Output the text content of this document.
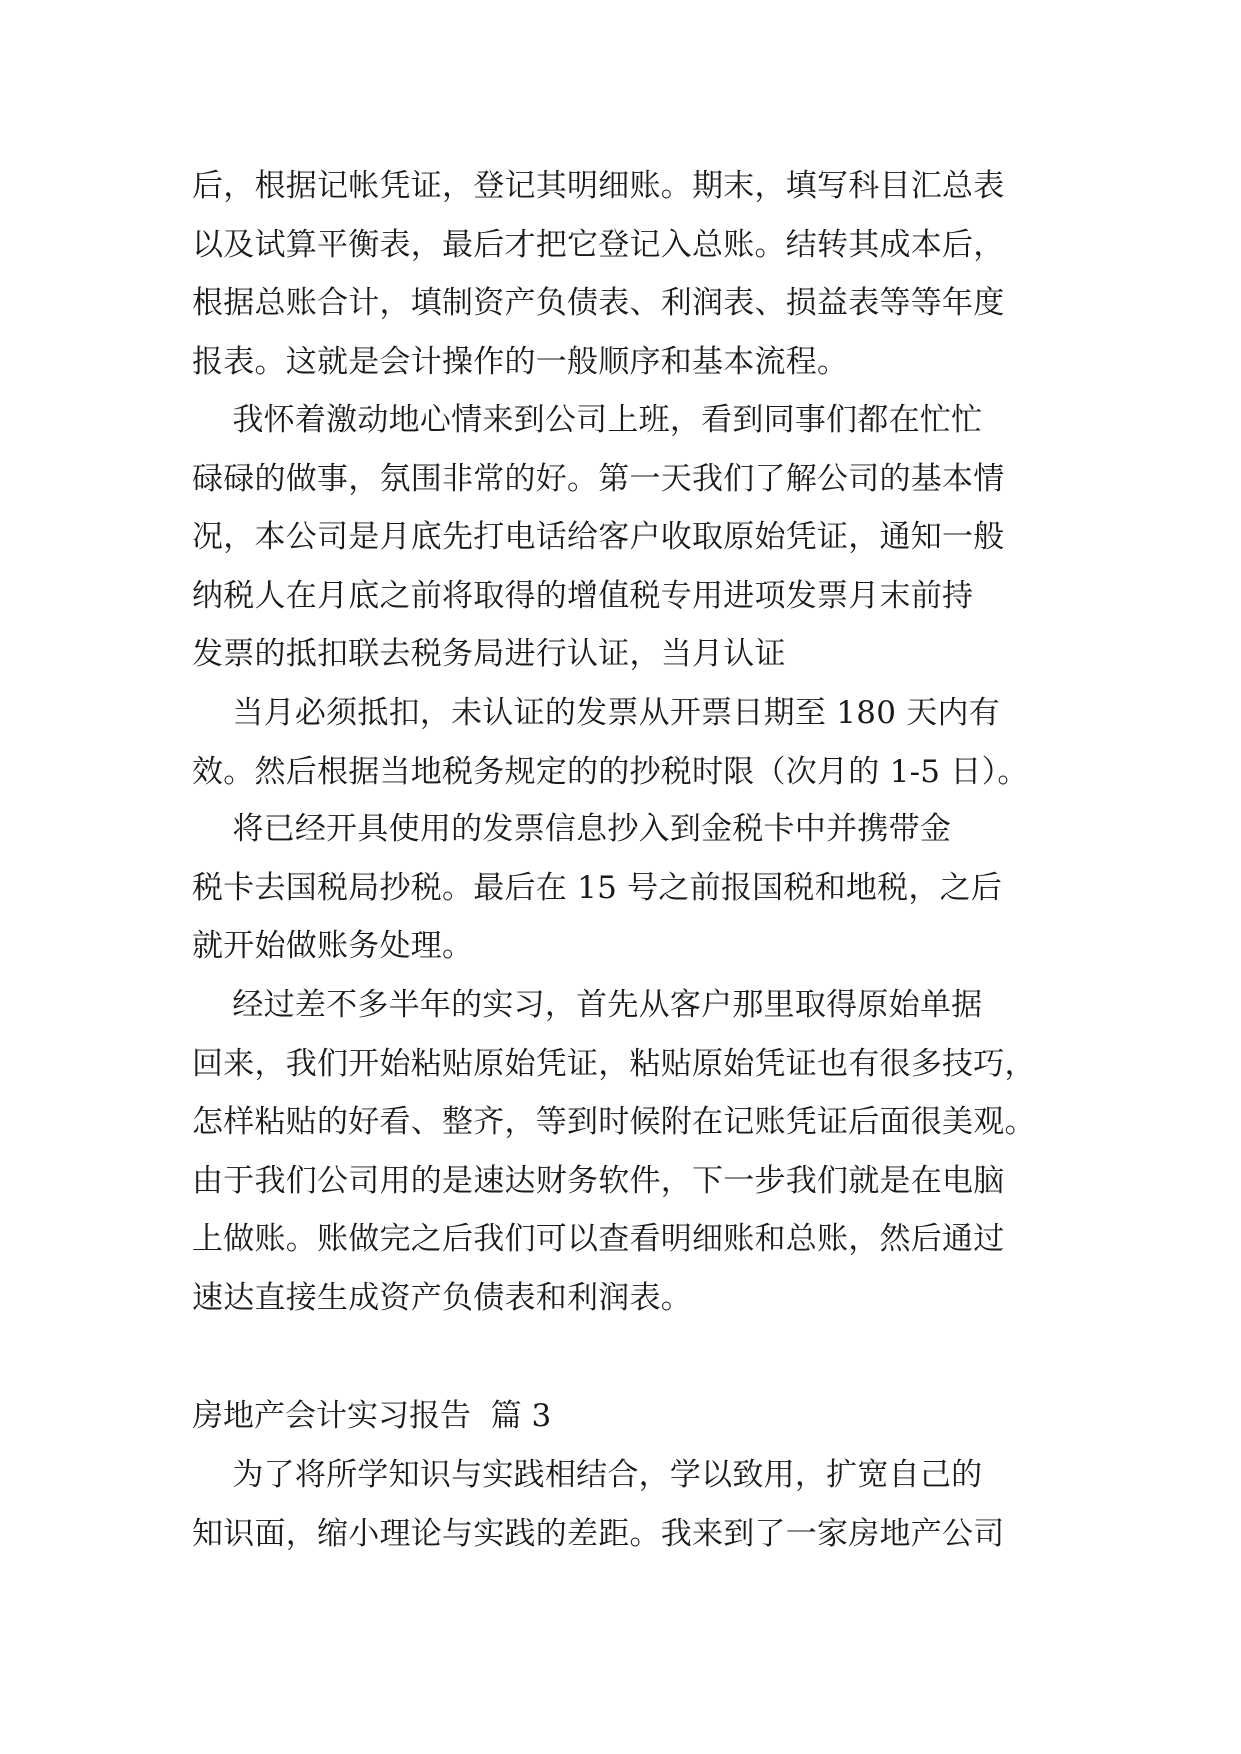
后，根据记帐凭证，登记其明细账。期末，填写科目汇总表
以及试算平衡表，最后才把它登记入总账。结转其成本后，
根据总账合计，填制资产负债表、利润表、损益表等等年度
报表。这就是会计操作的一般顺序和基本流程。
我怀着激动地心情来到公司上班，看到同事们都在忙忙
碌碌的做事，氛围非常的好。第一天我们了解公司的基本情
况，本公司是月底先打电话给客户收取原始凭证，通知一般
纳税人在月底之前将取得的增值税专用进项发票月末前持
发票的抵扣联去税务局进行认证，当月认证
当月必须抵扣，未认证的发票从开票日期至 180 天内有
效。然后根据当地税务规定的的抄税时限（次月的 1-5 日）。
将已经开具使用的发票信息抄入到金税卡中并携带金
税卡去国税局抄税。最后在 15 号之前报国税和地税，之后
就开始做账务处理。
经过差不多半年的实习，首先从客户那里取得原始单据
回来，我们开始粘贴原始凭证，粘贴原始凭证也有很多技巧，
怎样粘贴的好看、整齐，等到时候附在记账凭证后面很美观。
由于我们公司用的是速达财务软件，下一步我们就是在电脑
上做账。账做完之后我们可以查看明细账和总账，然后通过
速达直接生成资产负债表和利润表。
房地产会计实习报告  篇 3
为了将所学知识与实践相结合，学以致用，扩宽自己的
知识面，缩小理论与实践的差距。我来到了一家房地产公司
